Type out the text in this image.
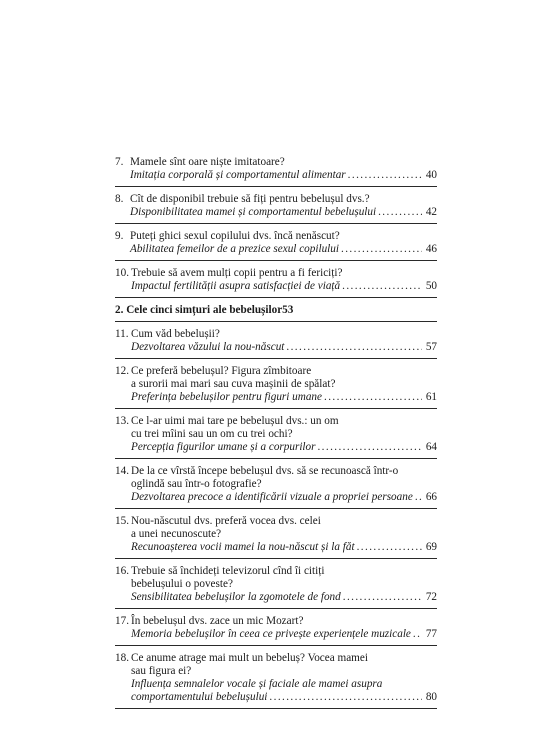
7. Mamele sînt oare niște imitatoare?
Imitația corporală și comportamentul alimentar .....	40
8. Cît de disponibil trebuie să fiți pentru bebelușul dvs.?
Disponibilitatea mamei și comportamentul bebelușului .....	42
9. Puteți ghici sexul copilului dvs. încă nenăscut?
Abilitatea femeilor de a prezice sexul copilului .....	46
10. Trebuie să avem mulți copii pentru a fi fericiți?
Impactul fertilității asupra satisfacției de viață .....	50
2. Cele cinci simțuri ale bebelușilor 53
11. Cum văd bebelușii?
Dezvoltarea văzului la nou-născut .....	57
12. Ce preferă bebelușul? Figura zîmbitoare
a surorii mai mari sau cuva mașinii de spălat?
Preferința bebelușilor pentru figuri umane .....	61
13. Ce l-ar uimi mai tare pe bebelușul dvs.: un om
cu trei mîini sau un om cu trei ochi?
Percepția figurilor umane și a corpurilor .....	64
14. De la ce vîrstă începe bebelușul dvs. să se recunoască într-o
oglindă sau într-o fotografie?
Dezvoltarea precoce a identificării vizuale a propriei persoane ..... 66
15. Nou-născutul dvs. preferă vocea dvs. celei
a unei necunoscute?
Recunoașterea vocii mamei la nou-născut și la făt .....	69
16. Trebuie să închideți televizorul cînd îi citiți
bebelușului o poveste?
Sensibilitatea bebelușilor la zgomotele de fond .....	72
17. În bebelușul dvs. zace un mic Mozart?
Memoria bebelușilor în ceea ce privește experiențele muzicale ..... 77
18. Ce anume atrage mai mult un bebeluș? Vocea mamei
sau figura ei?
Influența semnalelor vocale și faciale ale mamei asupra
comportamentului bebelușului .....	80
